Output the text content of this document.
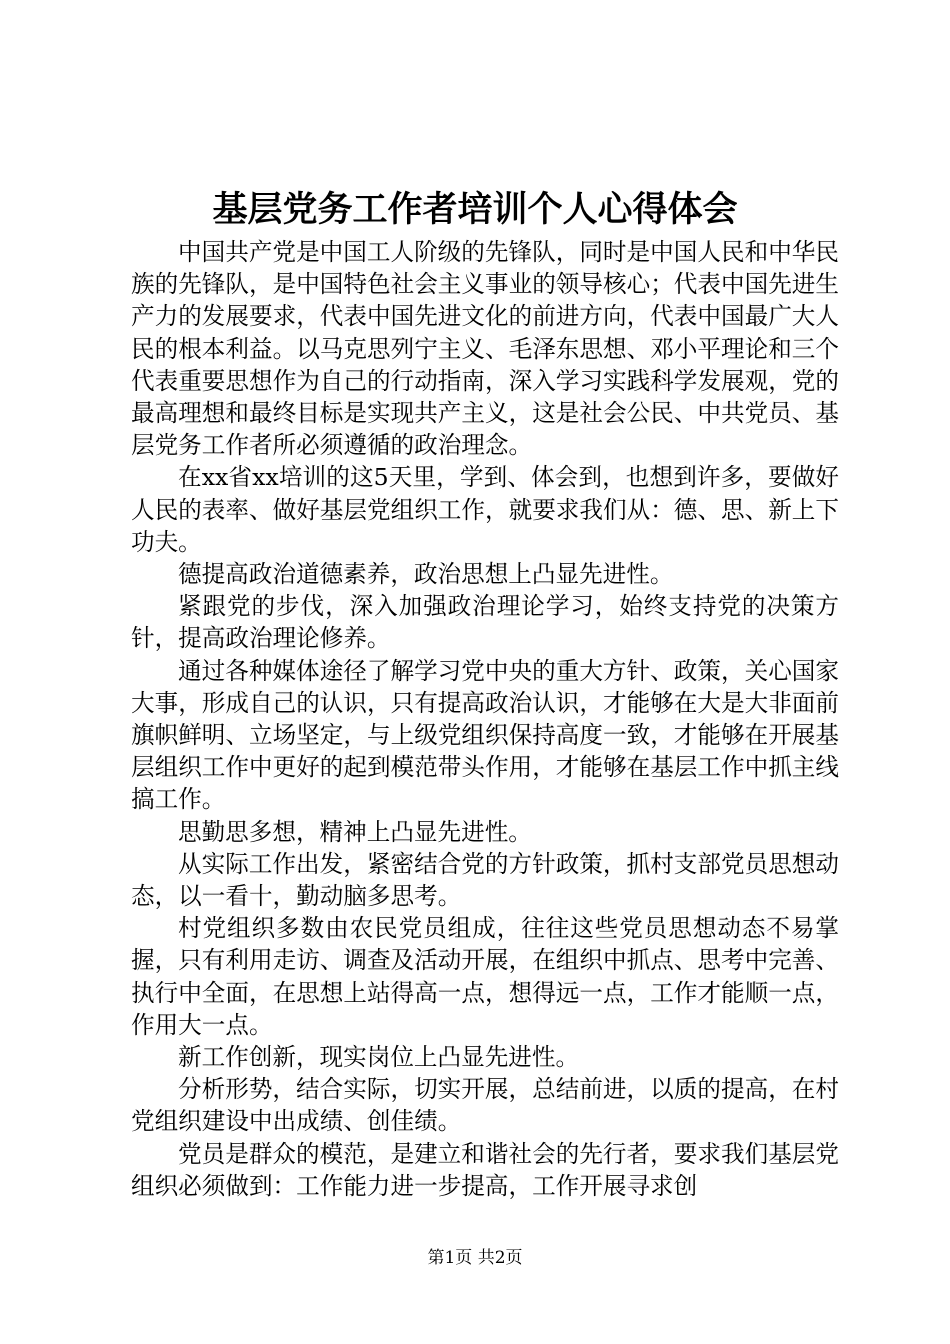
基层党务工作者培训个人心得体会

中国共产党是中国工人阶级的先锋队，同时是中国人民和中华民族的先锋队，是中国特色社会主义事业的领导核心；代表中国先进生产力的发展要求，代表中国先进文化的前进方向，代表中国最广大人民的根本利益。以马克思列宁主义、毛泽东思想、邓小平理论和三个代表重要思想作为自己的行动指南，深入学习实践科学发展观，党的最高理想和最终目标是实现共产主义，这是社会公民、中共党员、基层党务工作者所必须遵循的政治理念。

在xx省xx培训的这5天里，学到、体会到，也想到许多，要做好人民的表率、做好基层党组织工作，就要求我们从：德、思、新上下功夫。

德提高政治道德素养，政治思想上凸显先进性。

紧跟党的步伐，深入加强政治理论学习，始终支持党的决策方针，提高政治理论修养。

通过各种媒体途径了解学习党中央的重大方针、政策，关心国家大事，形成自己的认识，只有提高政治认识，才能够在大是大非面前旗帜鲜明、立场坚定，与上级党组织保持高度一致，才能够在开展基层组织工作中更好的起到模范带头作用，才能够在基层工作中抓主线搞工作。

思勤思多想，精神上凸显先进性。

从实际工作出发，紧密结合党的方针政策，抓村支部党员思想动态，以一看十，勤动脑多思考。

村党组织多数由农民党员组成，往往这些党员思想动态不易掌握，只有利用走访、调查及活动开展，在组织中抓点、思考中完善、执行中全面，在思想上站得高一点，想得远一点，工作才能顺一点，作用大一点。

新工作创新，现实岗位上凸显先进性。

分析形势，结合实际，切实开展，总结前进，以质的提高，在村党组织建设中出成绩、创佳绩。

党员是群众的模范，是建立和谐社会的先行者，要求我们基层党组织必须做到：工作能力进一步提高，工作开展寻求创

第1页 共2页
